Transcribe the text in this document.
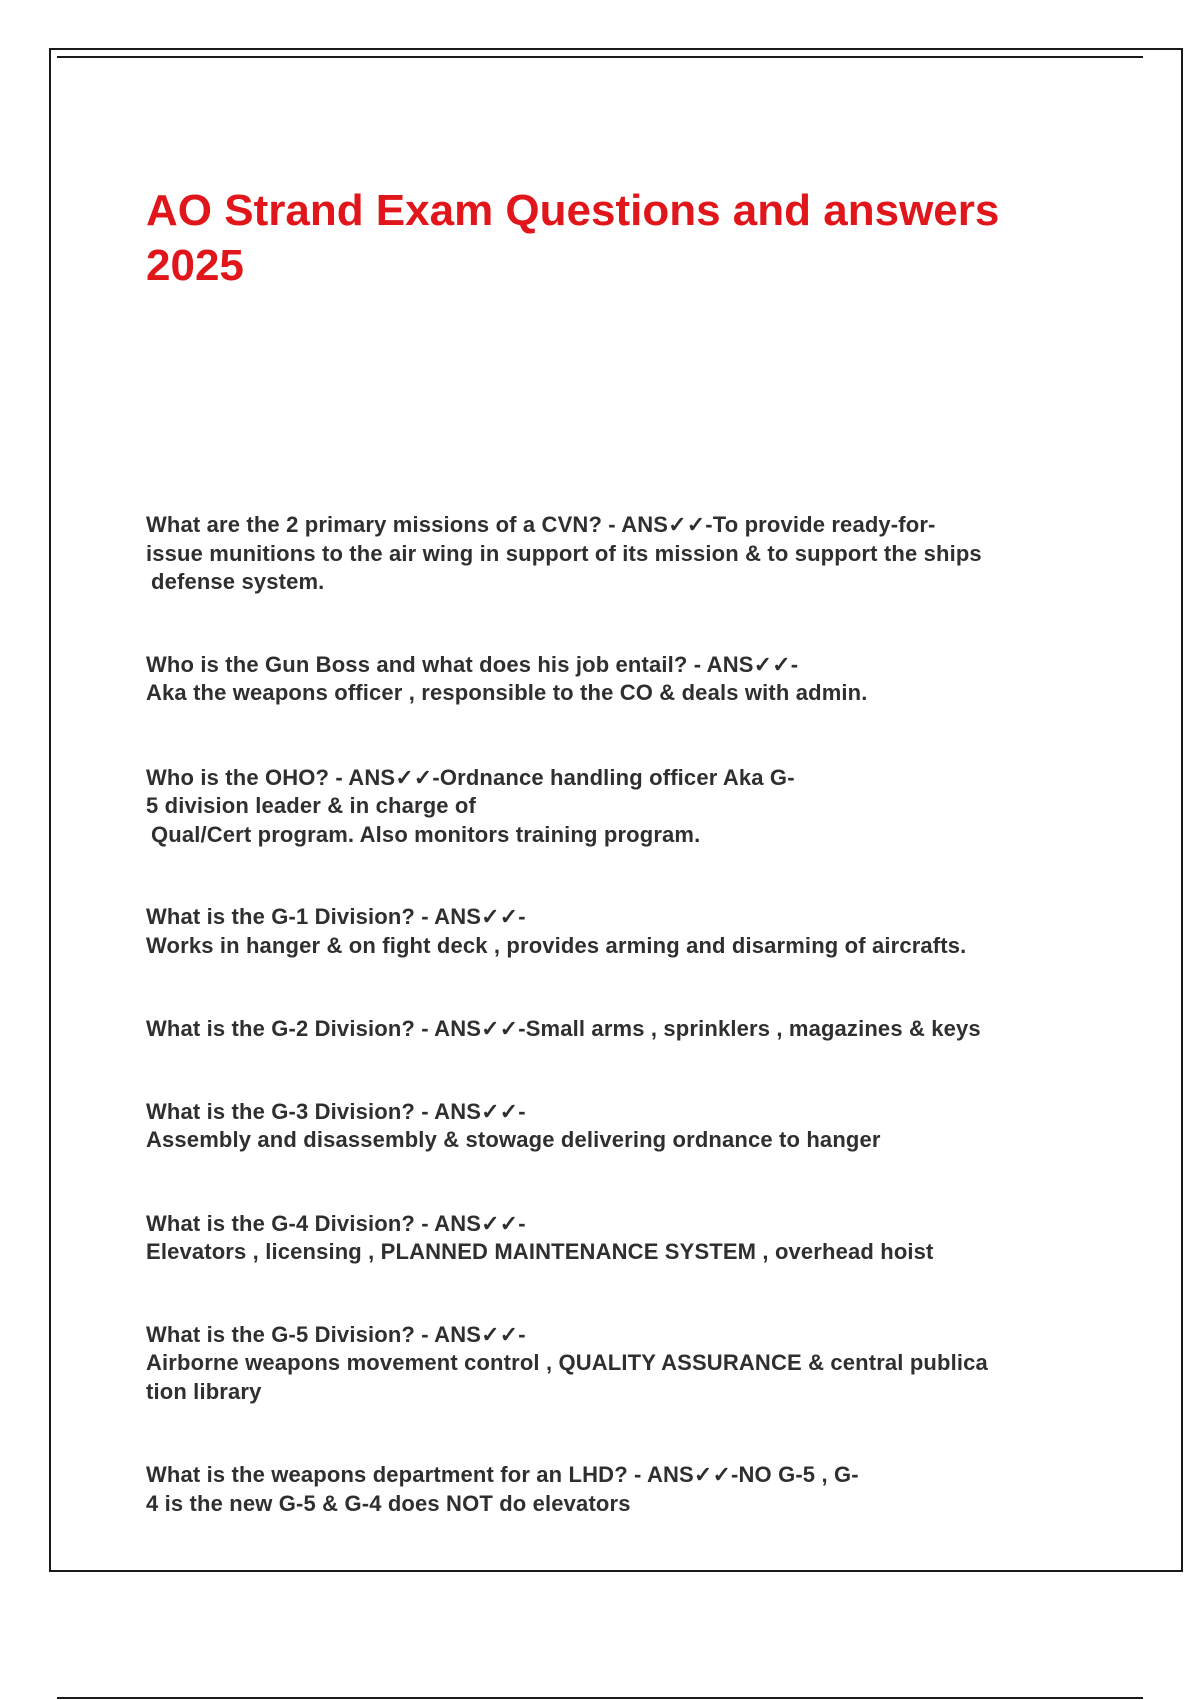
AO Strand Exam Questions and answers
2025

What are the 2 primary missions of a CVN? - ANS✓✓-To provide ready-for-
issue munitions to the air wing in support of its mission & to support the ships
defense system.

Who is the Gun Boss and what does his job entail? - ANS✓✓-
Aka the weapons officer , responsible to the CO & deals with admin.

Who is the OHO? - ANS✓✓-Ordnance handling officer Aka G-
5 division leader & in charge of
Qual/Cert program. Also monitors training program.

What is the G-1 Division? - ANS✓✓-
Works in hanger & on fight deck , provides arming and disarming of aircrafts.

What is the G-2 Division? - ANS✓✓-Small arms , sprinklers , magazines & keys

What is the G-3 Division? - ANS✓✓-
Assembly and disassembly & stowage delivering ordnance to hanger

What is the G-4 Division? - ANS✓✓-
Elevators , licensing , PLANNED MAINTENANCE SYSTEM , overhead hoist

What is the G-5 Division? - ANS✓✓-
Airborne weapons movement control , QUALITY ASSURANCE & central publica
tion library

What is the weapons department for an LHD? - ANS✓✓-NO G-5 , G-
4 is the new G-5 & G-4 does NOT do elevators
